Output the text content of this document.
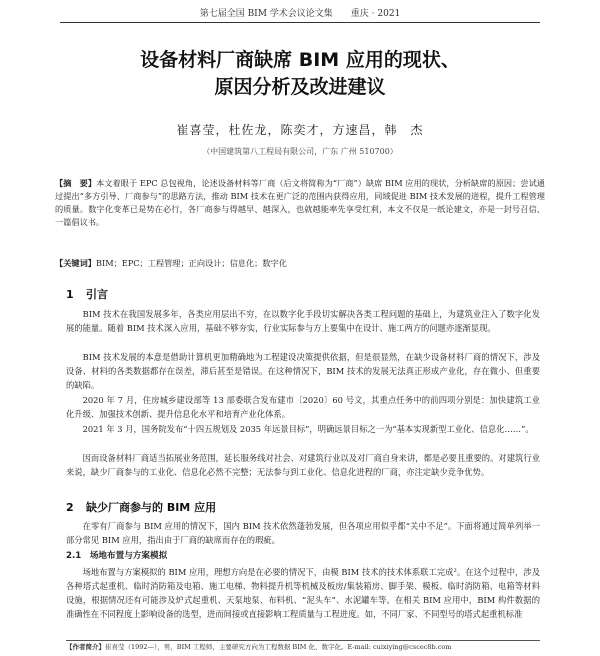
第七届全国 BIM 学术会议论文集　　重庆 · 2021
设备材料厂商缺席 BIM 应用的现状、
原因分析及改进建议
崔喜莹，杜佐龙，陈奕才，方速昌，韩　杰
（中国建筑第八工程局有限公司，广东 广州 510700）
【摘　要】本文着眼于 EPC 总包视角，论述设备材料等厂商（后文将简称为“厂商”）缺席 BIM 应用的现状，分析缺席的原因；尝试通过提出“多方引导、厂商参与”的思路方法，推动 BIM 技术在更广泛的范围内获得应用，同域促进 BIM 技术发展的进程，提升工程管理的质量。数字化变革已是势在必行，各厂商参与得越早、越深入，也就越能率先享受红利，本文不仅是一纸论建文，亦是一封号召信、一篇倡议书。
【关键词】BIM；EPC；工程管理；正向设计；信息化；数字化
1 引言
BIM 技术在我国发展多年，各类应用层出不穷，在以数字化手段切实解决各类工程问题的基础上，为建筑业注入了数字化发展的能量。随着 BIM 技术深入应用，基础不够夯实，行业实际参与方上要集中在设计、施工两方的问题亦逐渐显现。
BIM 技术发展的本意是借助计算机更加精确地为工程建设决策提供依据，但是很显然，在缺少设备材料厂商的情况下，涉及设备、材料的各类数据都存在误差，滞后甚至是错误。在这种情况下，BIM 技术的发展无法真正形成产业化，存在微小、但重要的缺陷。
2020 年 7 月，住房城乡建设部等 13 部委联合发布建市〔2020〕60 号文，其重点任务中的前四项分别是：加快建筑工业化升级、加强技术创新、提升信息化水平和培育产业化体系。
2021 年 3 月，国务院发布“十四五规划及 2035 年远景目标”，明确远景目标之一为“基本实现新型工业化、信息化……”。
因而设备材料厂商适当拓展业务范围，延长服务线对社会、对建筑行业以及对厂商自身来讲，都是必要且重要的。对建筑行业来说，缺少厂商参与的工业化、信息化必然不完整；无法参与到工业化、信息化进程的厂商，亦注定缺少竞争优势。
2 缺少厂商参与的 BIM 应用
在零有厂商参与 BIM 应用的情况下，国内 BIM 技术依然蓬勃发展，但各项应用似乎都“关中不足”。下面将通过简单列举一部分常见 BIM 应用，指出由于厂商的缺席而存在的瑕疵。
2.1　场地布置与方案模拟
场地布置与方案模拟的 BIM 应用，理想方向是在必要的情况下，由模 BIM 技术的技术体系联工完成²。在这个过程中，涉及各种塔式起重机、临时消防箱及电箱、施工电梯、物料提升机等机械及板房/集装箱房、脚手架、模板、临时消防箱、电箱等材料设施，根据情况还有可能涉及炉式起重机、天泵地泵、布料机、“泥头车”、水泥罐车等。在相关 BIM 应用中，BIM 构件数据的准确性在不同程度上影响设备的选型，进而间接或直接影响工程质量与工程进度。如，不同厂家、不同型号的塔式起重机标准
【作者简介】崔喜莹（1992—），男，BIM 工程师，主要研究方向为工程数据 BIM 化、数字化。E-mail: cuixiying@cscec8b.com
